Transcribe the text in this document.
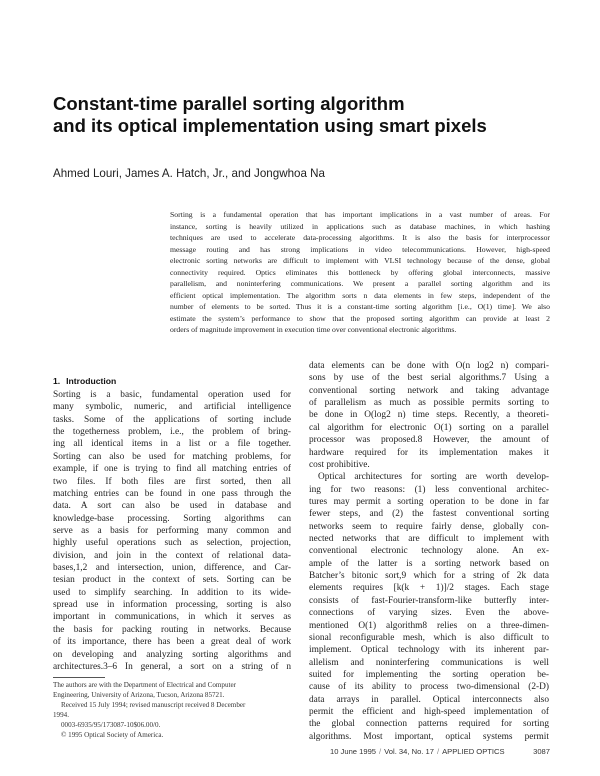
Constant-time parallel sorting algorithm
and its optical implementation using smart pixels
Ahmed Louri, James A. Hatch, Jr., and Jongwhoa Na
Sorting is a fundamental operation that has important implications in a vast number of areas. For
instance, sorting is heavily utilized in applications such as database machines, in which hashing
techniques are used to accelerate data-processing algorithms. It is also the basis for interprocessor
message routing and has strong implications in video telecommunications. However, high-speed
electronic sorting networks are difficult to implement with VLSI technology because of the dense, global
connectivity required. Optics eliminates this bottleneck by offering global interconnects, massive
parallelism, and noninterfering communications. We present a parallel sorting algorithm and its
efficient optical implementation. The algorithm sorts n data elements in few steps, independent of the
number of elements to be sorted. Thus it is a constant-time sorting algorithm [i.e., O(1) time]. We also
estimate the system’s performance to show that the proposed sorting algorithm can provide at least 2
orders of magnitude improvement in execution time over conventional electronic algorithms.
1. Introduction
Sorting is a basic, fundamental operation used for
many symbolic, numeric, and artificial intelligence
tasks. Some of the applications of sorting include
the togetherness problem, i.e., the problem of bring-
ing all identical items in a list or a file together.
Sorting can also be used for matching problems, for
example, if one is trying to find all matching entries of
two files. If both files are first sorted, then all
matching entries can be found in one pass through the
data. A sort can also be used in database and
knowledge-base processing. Sorting algorithms can
serve as a basis for performing many common and
highly useful operations such as selection, projection,
division, and join in the context of relational data-
bases,1,2 and intersection, union, difference, and Car-
tesian product in the context of sets. Sorting can be
used to simplify searching. In addition to its wide-
spread use in information processing, sorting is also
important in communications, in which it serves as
the basis for packing routing in networks. Because
of its importance, there has been a great deal of work
on developing and analyzing sorting algorithms and
architectures.3–6 In general, a sort on a string of n
data elements can be done with O(n log2 n) compari-
sons by use of the best serial algorithms.7 Using a
conventional sorting network and taking advantage
of parallelism as much as possible permits sorting to
be done in O(log2 n) time steps. Recently, a theoreti-
cal algorithm for electronic O(1) sorting on a parallel
processor was proposed.8 However, the amount of
hardware required for its implementation makes it
cost prohibitive.
Optical architectures for sorting are worth develop-
ing for two reasons: (1) less conventional architec-
tures may permit a sorting operation to be done in far
fewer steps, and (2) the fastest conventional sorting
networks seem to require fairly dense, globally con-
nected networks that are difficult to implement with
conventional electronic technology alone. An ex-
ample of the latter is a sorting network based on
Batcher’s bitonic sort,9 which for a string of 2k data
elements requires [k(k + 1)]/2 stages. Each stage
consists of fast-Fourier-transform-like butterfly inter-
connections of varying sizes. Even the above-
mentioned O(1) algorithm8 relies on a three-dimen-
sional reconfigurable mesh, which is also difficult to
implement. Optical technology with its inherent par-
allelism and noninterfering communications is well
suited for implementing the sorting operation be-
cause of its ability to process two-dimensional (2-D)
data arrays in parallel. Optical interconnects also
permit the efficient and high-speed implementation of
the global connection patterns required for sorting
algorithms. Most important, optical systems permit
The authors are with the Department of Electrical and Computer
Engineering, University of Arizona, Tucson, Arizona 85721.
Received 15 July 1994; revised manuscript received 8 December
1994.
0003-6935/95/173087-10$06.00/0.
© 1995 Optical Society of America.
10 June 1995 / Vol. 34, No. 17 / APPLIED OPTICS	3087
